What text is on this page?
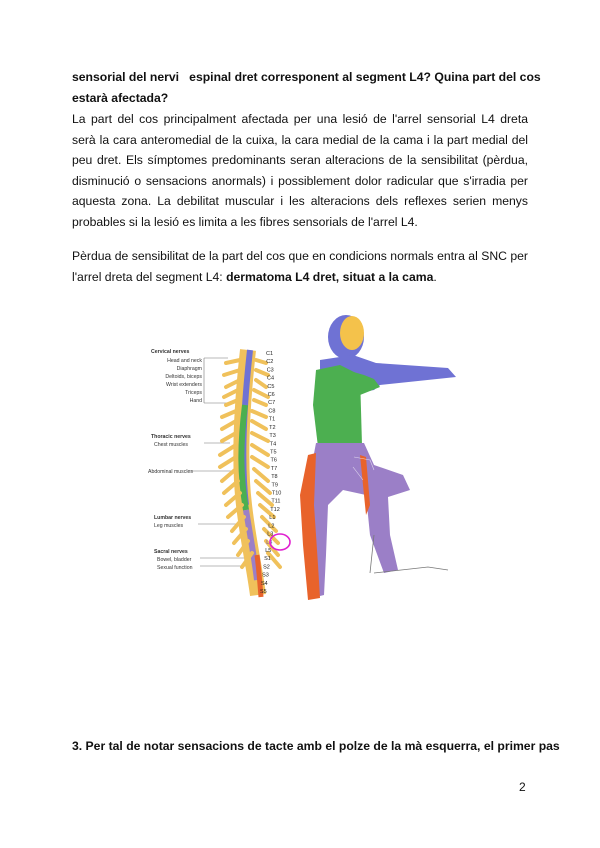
sensorial del nervi   espinal dret corresponent al segment L4? Quina part del cos
estarà afectada?
La part del cos principalment afectada per una lesió de l'arrel sensorial L4 dreta serà la cara anteromedial de la cuixa, la cara medial de la cama i la part medial del peu dret. Els símptomes predominants seran alteracions de la sensibilitat (pèrdua, disminució o sensacions anormals) i possiblement dolor radicular que s'irradia per aquesta zona. La debilitat muscular i les alteracions dels reflexes serien menys probables si la lesió es limita a les fibres sensorials de l'arrel L4.
Pèrdua de sensibilitat de la part del cos que en condicions normals entra al SNC per l'arrel dreta del segment L4: dermatoma L4 dret, situat a la cama.
Cervical nerves
Head and neck
Diaphragm
Deltoids, biceps
Wrist extenders
Triceps
Hand
Thoracic nerves
Chest muscles
Abdominal muscles
Lumbar nerves
Leg muscles
Sacral nerves
Bowel, bladder
Sexual function
C1
C2
C3
C4
C5
C6
C7
C8
T1
T2
T3
T4
T5
T6
T7
T8
T9
T10
T11
T12
L1
L2
L3
L4
L5
S1
S2
S3
S4
S5
3. Per tal de notar sensacions de tacte amb el polze de la mà esquerra, el primer pas
2
